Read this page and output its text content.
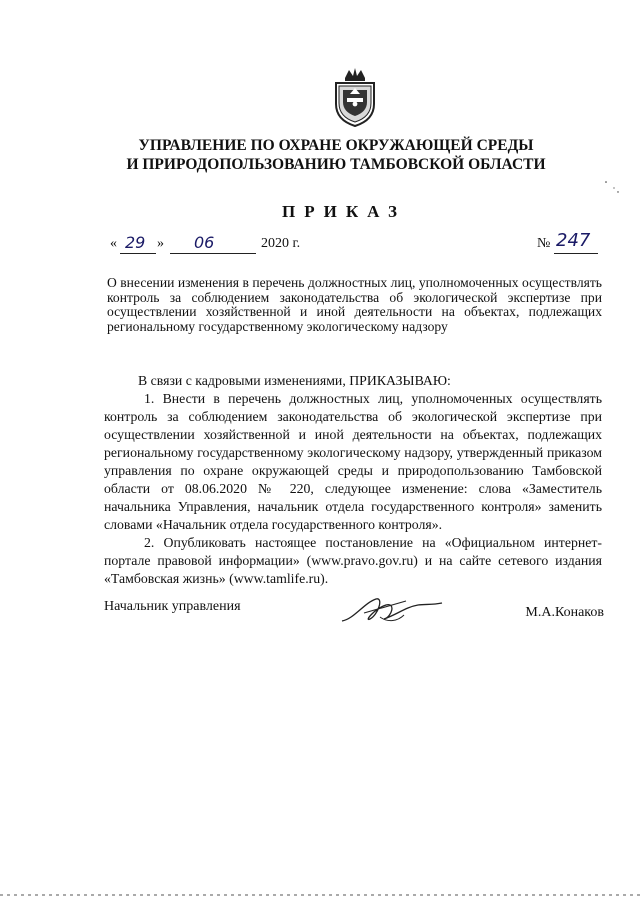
УПРАВЛЕНИЕ ПО ОХРАНЕ ОКРУЖАЮЩЕЙ СРЕДЫ
И ПРИРОДОПОЛЬЗОВАНИЮ ТАМБОВСКОЙ ОБЛАСТИ
ПРИКАЗ
« 29 » 06	2020 г.	№ 247
О внесении изменения в перечень должностных лиц, уполномоченных осуществлять контроль за соблюдением законодательства об экологической экспертизе при осуществлении хозяйственной и иной деятельности на объектах, подлежащих региональному государственному экологическому надзору

В связи с кадровыми изменениями, ПРИКАЗЫВАЮ:

1. Внести в перечень должностных лиц, уполномоченных осуществлять контроль за соблюдением законодательства об экологической экспертизе при осуществлении хозяйственной и иной деятельности на объектах, подлежащих региональному государственному экологическому надзору, утвержденный приказом управления по охране окружающей среды и природопользованию Тамбовской области от 08.06.2020 № 220, следующее изменение: слова «Заместитель начальника Управления, начальник отдела государственного контроля» заменить словами «Начальник отдела государственного контроля».

2. Опубликовать настоящее постановление на «Официальном интернет-портале правовой информации» (www.pravo.gov.ru) и на сайте сетевого издания «Тамбовская жизнь» (www.tamlife.ru).

Начальник управления	М.А.Конаков
